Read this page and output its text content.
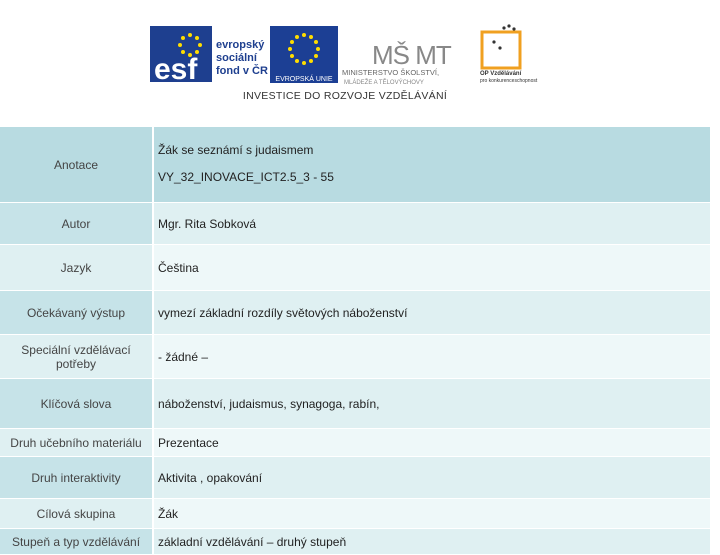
esf
evropský
sociální
fond v ČR
EVROPSKÁ UNIE
MŠ MT
MINISTERSTVO ŠKOLSTVÍ,
MLÁDEŽE A TĚLOVÝCHOVY
OP Vzdělávání
pro konkurenceschopnost
INVESTICE DO ROZVOJE VZDĚLÁVÁNÍ
Anotace	Žák se seznámí s judaismem
VY_32_INOVACE_ICT2.5_3 - 55

Autor	Mgr. Rita Sobková
Jazyk	Čeština
Očekávaný výstup	vymezí základní rozdíly světových náboženství
Speciální vzdělávací potřeby	- žádné –
Klíčová slova	náboženství, judaismus, synagoga, rabín,
Druh učebního materiálu	Prezentace
Druh interaktivity	Aktivita , opakování
Cílová skupina	Žák
Stupeň a typ vzdělávání	základní vzdělávání – druhý stupeň
